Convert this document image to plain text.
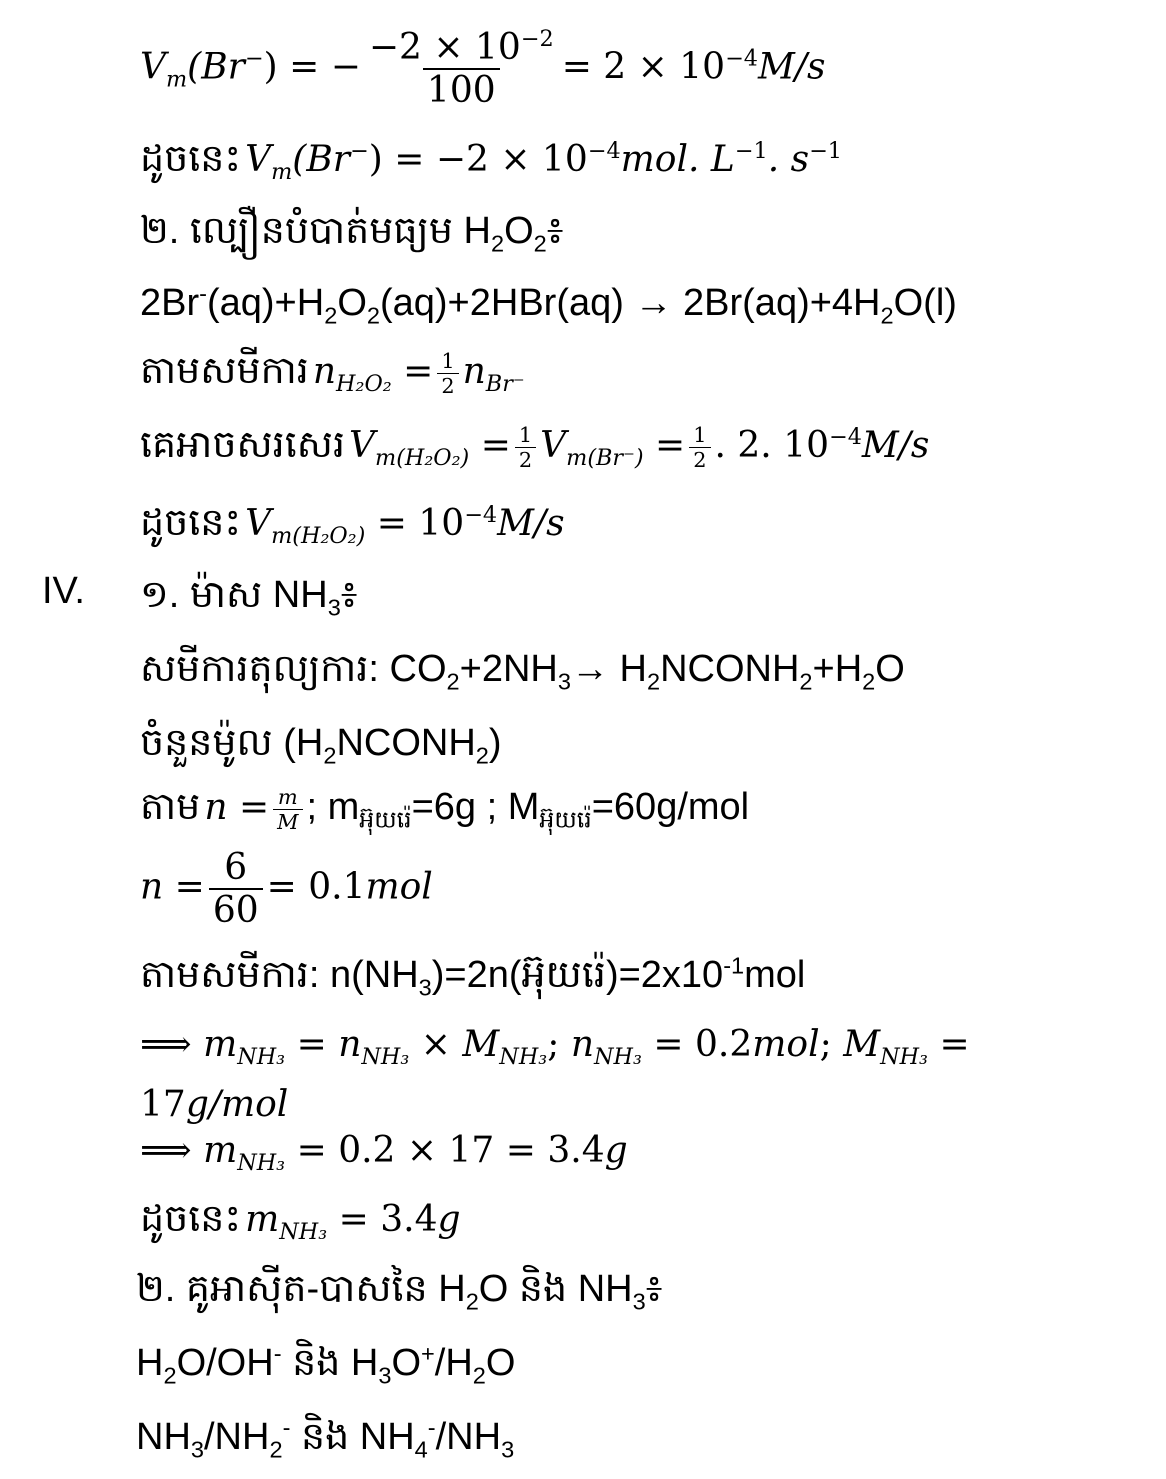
$V_m(Br^-)$ = − $\frac{-2 \times 10^{-2}}{100} = 2 \times 10^{-4}M/s$
ដូចនេះ $V_m(Br^-) = -2 \times 10^{-4}mol$. $L^{-1}$. $s^{-1}$
២. ល្បឿនបំបាត់មធ្យម $H_2O_2$៖
$2Br^-(aq)+H_2O_2(aq)+2HBr(aq) \to 2Br(aq)+4H_2O(l)$
តាមសមីការ $n_{H_2O_2} = \frac{1}{2} n_{Br^-}$
គេអាចសរសេរ $V_{m(H_2O_2)} = \frac{1}{2} V_{m(Br^-)} = \frac{1}{2}$ . 2. $10^{-4}M/s$
ដូចនេះ $V_{m(H_2O_2)} = 10^{-4}M/s$
IV. ១. ម៉ាស $NH_3$៖
សមីការតុល្យការ: $CO_2+2NH_3\to$ $H_2NCONH_2+H_2O$
ចំនួនម៉ូល $(H_2NCONH_2)$
តាម $n = \frac{m}{M}$ ; $m_{អ៊ុយរ៉េ}=6g$ ; $M_{អ៊ុយរ៉េ}=60g$/mol
$n = \frac{6}{60} = 0.1mol$
តាមសមីការ: $n(NH_3)=2n$(អ៊ុយរ៉េ)$=2x10^{-1}mol$
⟹ $m_{NH_3} = n_{NH_3} \times M_{NH_3}$; $n_{NH_3} = 0.2mol$; $M_{NH_3}$ =
17g/mol
⟹ $m_{NH_3} = 0.2 \times 17 = 3.4g$
ដូចនេះ $m_{NH_3} = 3.4g$
២. គូអាស៊ីត-បាសនៃ $H_2O$ និង $NH_3$៖
$H_2O/OH^-$ និង $H_3O^+/H_2O$
$NH_3/NH_2^-$ និង $NH_4^-/NH_3$
